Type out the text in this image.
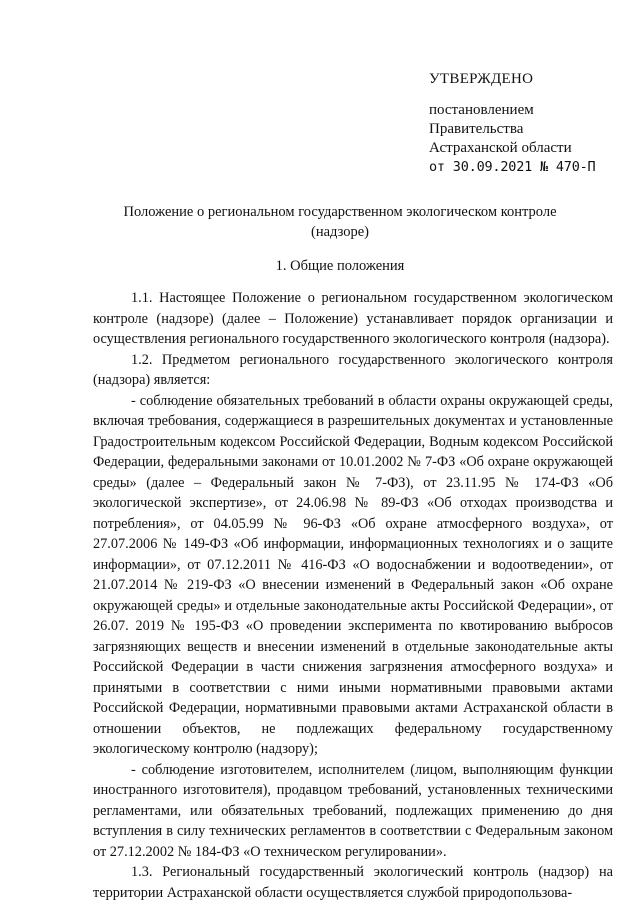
УТВЕРЖДЕНО
постановлением
Правительства
Астраханской области
от 30.09.2021 № 470-П
Положение о региональном государственном экологическом контроле
(надзоре)
1. Общие положения

1.1. Настоящее Положение о региональном государственном экологическом контроле (надзоре) (далее – Положение) устанавливает порядок организации и осуществления регионального государственного экологического контроля (надзора).

1.2. Предметом регионального государственного экологического контроля (надзора) является:

- соблюдение обязательных требований в области охраны окружающей среды, включая требования, содержащиеся в разрешительных документах и установленные Градостроительным кодексом Российской Федерации, Водным кодексом Российской Федерации, федеральными законами от 10.01.2002 № 7-ФЗ «Об охране окружающей среды» (далее – Федеральный закон № 7-ФЗ), от 23.11.95 № 174-ФЗ «Об экологической экспертизе», от 24.06.98 № 89-ФЗ «Об отходах производства и потребления», от 04.05.99 № 96-ФЗ «Об охране атмосферного воздуха», от 27.07.2006 № 149-ФЗ «Об информации, информационных технологиях и о защите информации», от 07.12.2011 № 416-ФЗ «О водоснабжении и водоотведении», от 21.07.2014 № 219-ФЗ «О внесении изменений в Федеральный закон «Об охране окружающей среды» и отдельные законодательные акты Российской Федерации», от 26.07. 2019 № 195-ФЗ «О проведении эксперимента по квотированию выбросов загрязняющих веществ и внесении изменений в отдельные законодательные акты Российской Федерации в части снижения загрязнения атмосферного воздуха» и принятыми в соответствии с ними иными нормативными правовыми актами Российской Федерации, нормативными правовыми актами Астраханской области в отношении объектов, не подлежащих федеральному государственному экологическому контролю (надзору);

- соблюдение изготовителем, исполнителем (лицом, выполняющим функции иностранного изготовителя), продавцом требований, установленных техническими регламентами, или обязательных требований, подлежащих применению до дня вступления в силу технических регламентов в соответствии с Федеральным законом от 27.12.2002 № 184-ФЗ «О техническом регулировании».

1.3. Региональный государственный экологический контроль (надзор) на территории Астраханской области осуществляется службой природопользова-
